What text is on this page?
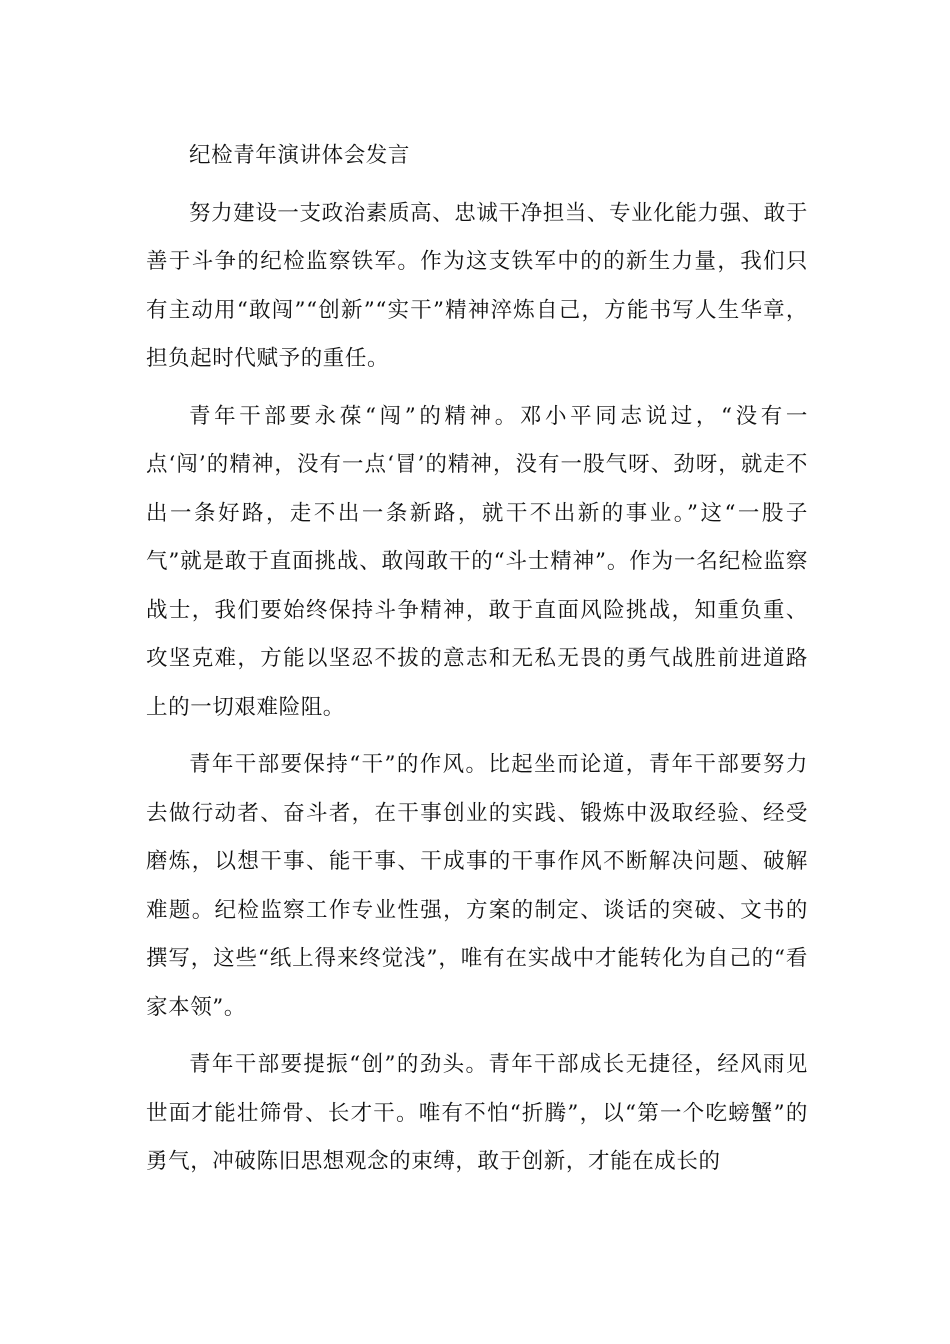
纪检青年演讲体会发言

努力建设一支政治素质高、忠诚干净担当、专业化能力强、敢于善于斗争的纪检监察铁军。作为这支铁军中的的新生力量，我们只有主动用“敢闯”“创新”“实干”精神淬炼自己，方能书写人生华章，担负起时代赋予的重任。

青年干部要永葆“闯”的精神。邓小平同志说过，“没有一点‘闯’的精神，没有一点‘冒’的精神，没有一股气呀、劲呀，就走不出一条好路，走不出一条新路，就干不出新的事业。”这“一股子气”就是敢于直面挑战、敢闯敢干的“斗士精神”。作为一名纪检监察战士，我们要始终保持斗争精神，敢于直面风险挑战，知重负重、攻坚克难，方能以坚忍不拔的意志和无私无畏的勇气战胜前进道路上的一切艰难险阻。

青年干部要保持“干”的作风。比起坐而论道，青年干部要努力去做行动者、奋斗者，在干事创业的实践、锻炼中汲取经验、经受磨炼，以想干事、能干事、干成事的干事作风不断解决问题、破解难题。纪检监察工作专业性强，方案的制定、谈话的突破、文书的撰写，这些“纸上得来终觉浅”，唯有在实战中才能转化为自己的“看家本领”。

青年干部要提振“创”的劲头。青年干部成长无捷径，经风雨见世面才能壮筛骨、长才干。唯有不怕“折腾”，以“第一个吃螃蟹”的勇气，冲破陈旧思想观念的束缚，敢于创新，才能在成长的
